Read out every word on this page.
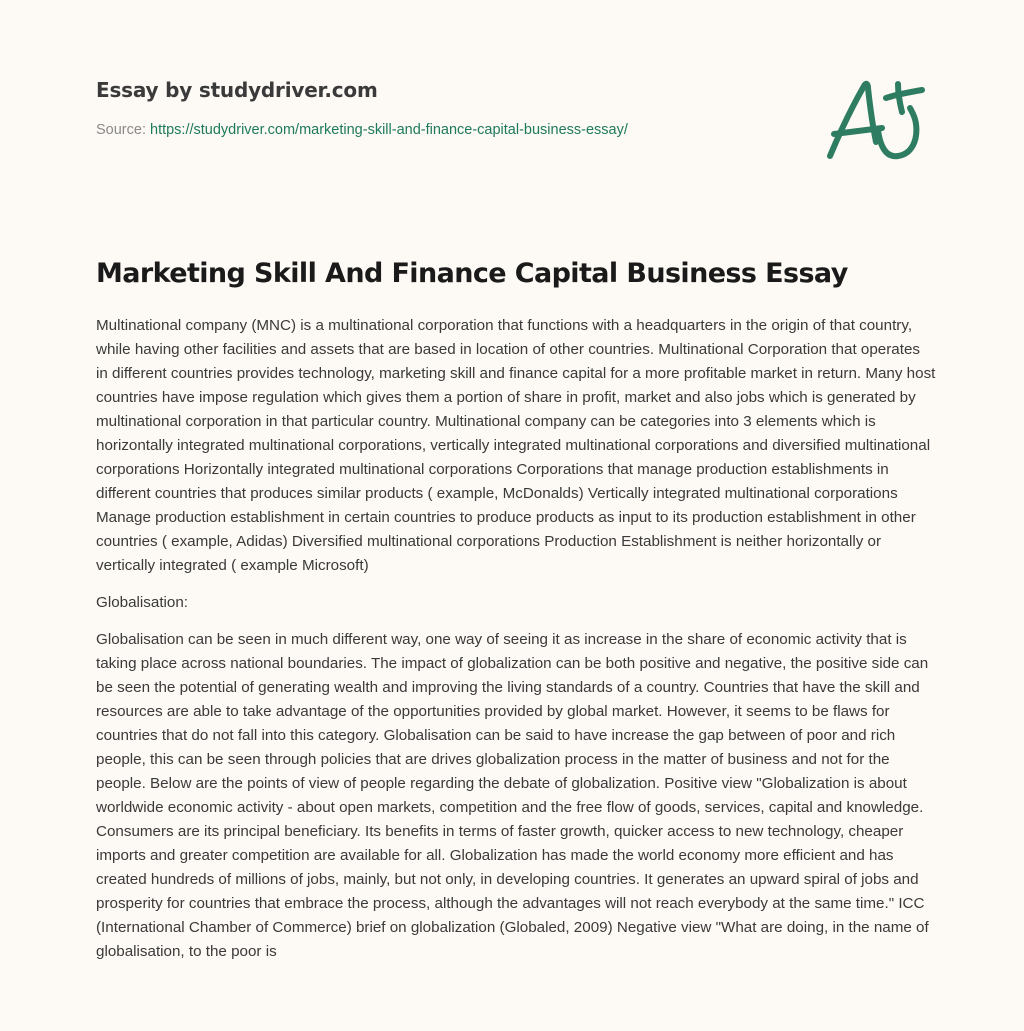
Essay by studydriver.com
Source: https://studydriver.com/marketing-skill-and-finance-capital-business-essay/
Marketing Skill And Finance Capital Business Essay

Multinational company (MNC) is a multinational corporation that functions with a headquarters in the origin of that country, while having other facilities and assets that are based in location of other countries. Multinational Corporation that operates in different countries provides technology, marketing skill and finance capital for a more profitable market in return. Many host countries have impose regulation which gives them a portion of share in profit, market and also jobs which is generated by multinational corporation in that particular country. Multinational company can be categories into 3 elements which is horizontally integrated multinational corporations, vertically integrated multinational corporations and diversified multinational corporations Horizontally integrated multinational corporations Corporations that manage production establishments in different countries that produces similar products ( example, McDonalds) Vertically integrated multinational corporations Manage production establishment in certain countries to produce products as input to its production establishment in other countries ( example, Adidas) Diversified multinational corporations Production Establishment is neither horizontally or vertically integrated ( example Microsoft)

Globalisation:

Globalisation can be seen in much different way, one way of seeing it as increase in the share of economic activity that is taking place across national boundaries. The impact of globalization can be both positive and negative, the positive side can be seen the potential of generating wealth and improving the living standards of a country. Countries that have the skill and resources are able to take advantage of the opportunities provided by global market. However, it seems to be flaws for countries that do not fall into this category. Globalisation can be said to have increase the gap between of poor and rich people, this can be seen through policies that are drives globalization process in the matter of business and not for the people. Below are the points of view of people regarding the debate of globalization. Positive view "Globalization is about worldwide economic activity - about open markets, competition and the free flow of goods, services, capital and knowledge. Consumers are its principal beneficiary. Its benefits in terms of faster growth, quicker access to new technology, cheaper imports and greater competition are available for all. Globalization has made the world economy more efficient and has created hundreds of millions of jobs, mainly, but not only, in developing countries. It generates an upward spiral of jobs and prosperity for countries that embrace the process, although the advantages will not reach everybody at the same time." ICC (International Chamber of Commerce) brief on globalization (Globaled, 2009) Negative view "What are doing, in the name of globalisation, to the poor is
